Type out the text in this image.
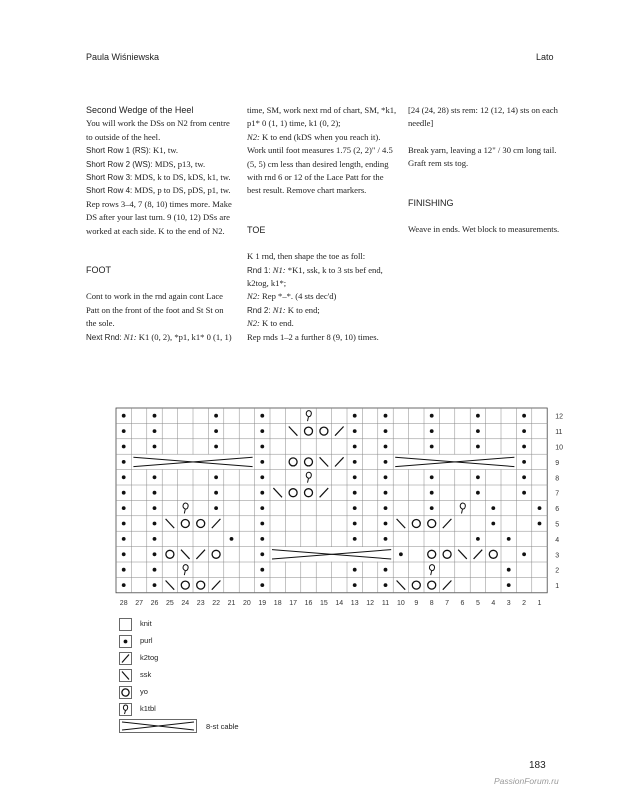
Paula Wiśniewska	Lato

Second Wedge of the Heel

You will work the DSs on N2 from centre to outside of the heel.

Short Row 1 (RS): K1, tw.

Short Row 2 (WS): MDS, p13, tw.

Short Row 3: MDS, k to DS, kDS, k1, tw.

Short Row 4: MDS, p to DS, pDS, p1, tw.

Rep rows 3–4, 7 (8, 10) times more. Make DS after your last turn. 9 (10, 12) DSs are worked at each side. K to the end of N2.

FOOT

Cont to work in the rnd again cont Lace Patt on the front of the foot and St St on the sole.

Next Rnd: N1: K1 (0, 2), *p1, k1* 0 (1, 1)

time, SM, work next rnd of chart, SM, *k1, p1* 0 (1, 1) time, k1 (0, 2);

N2: K to end (kDS when you reach it).

Work until foot measures 1.75 (2, 2)" / 4.5 (5, 5) cm less than desired length, ending with rnd 6 or 12 of the Lace Patt for the best result. Remove chart markers.

TOE

K 1 rnd, then shape the toe as foll:

Rnd 1: N1: *K1, ssk, k to 3 sts bef end, k2tog, k1*;

N2: Rep *–*. (4 sts dec'd)

Rnd 2: N1: K to end;

N2: K to end.

Rep rnds 1–2 a further 8 (9, 10) times.

[24 (24, 28) sts rem: 12 (12, 14) sts on each needle]

Break yarn, leaving a 12" / 30 cm long tail. Graft rem sts tog.

FINISHING

Weave in ends. Wet block to measurements.

12
11
10
9
8
7
6
5
4
3
2
1
28 27 26 25 24 23 22 21 20 19 18 17 16 15 14 13 12 11 10 9 8 7 6 5 4 3 2 1
knit
purl
k2tog
ssk
yo
k1tbl
8-st cable
183
PassionForum.ru
